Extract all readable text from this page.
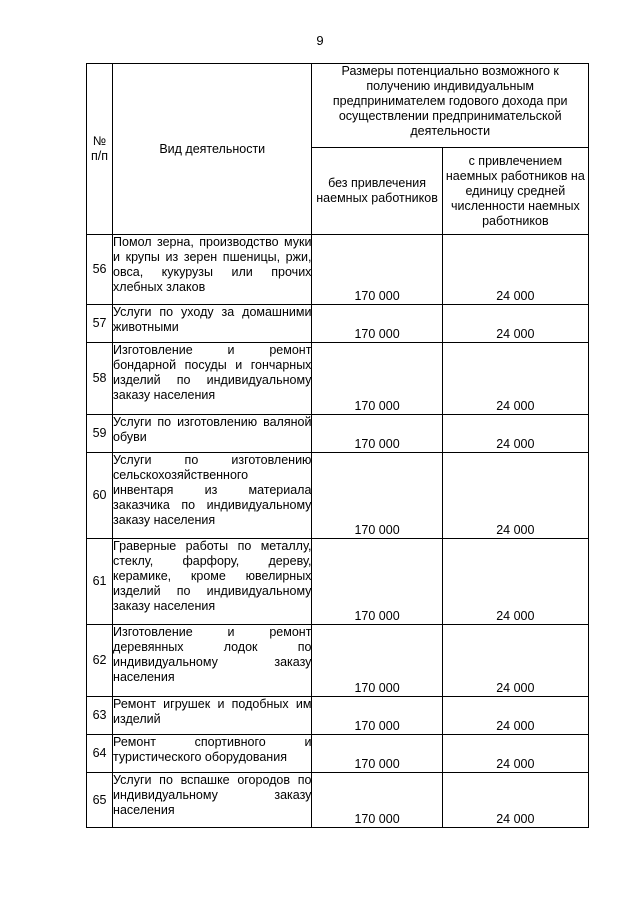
9
№ п/п	Вид деятельности	Размеры потенциально возможного к получению индивидуальным предпринимателем годового дохода при осуществлении предпринимательской деятельности	
		без привлечения наемных работников	с привлечением наемных работников на единицу средней численности наемных работников
56	Помол зерна, производство муки и крупы из зерен пшеницы, ржи, овса, кукурузы или прочих хлебных злаков	170 000	24 000
57	Услуги по уходу за домашними животными	170 000	24 000
58	Изготовление и ремонт бондарной посуды и гончарных изделий по индивидуальному заказу населения	170 000	24 000
59	Услуги по изготовлению валяной обуви	170 000	24 000
60	Услуги по изготовлению сельскохозяйственного инвентаря из материала заказчика по индивидуальному заказу населения	170 000	24 000
61	Граверные работы по металлу, стеклу, фарфору, дереву, керамике, кроме ювелирных изделий по индивидуальному заказу населения	170 000	24 000
62	Изготовление и ремонт деревянных лодок по индивидуальному заказу населения	170 000	24 000
63	Ремонт игрушек и подобных им изделий	170 000	24 000
64	Ремонт спортивного и туристического оборудования	170 000	24 000
65	Услуги по вспашке огородов по индивидуальному заказу населения	170 000	24 000
